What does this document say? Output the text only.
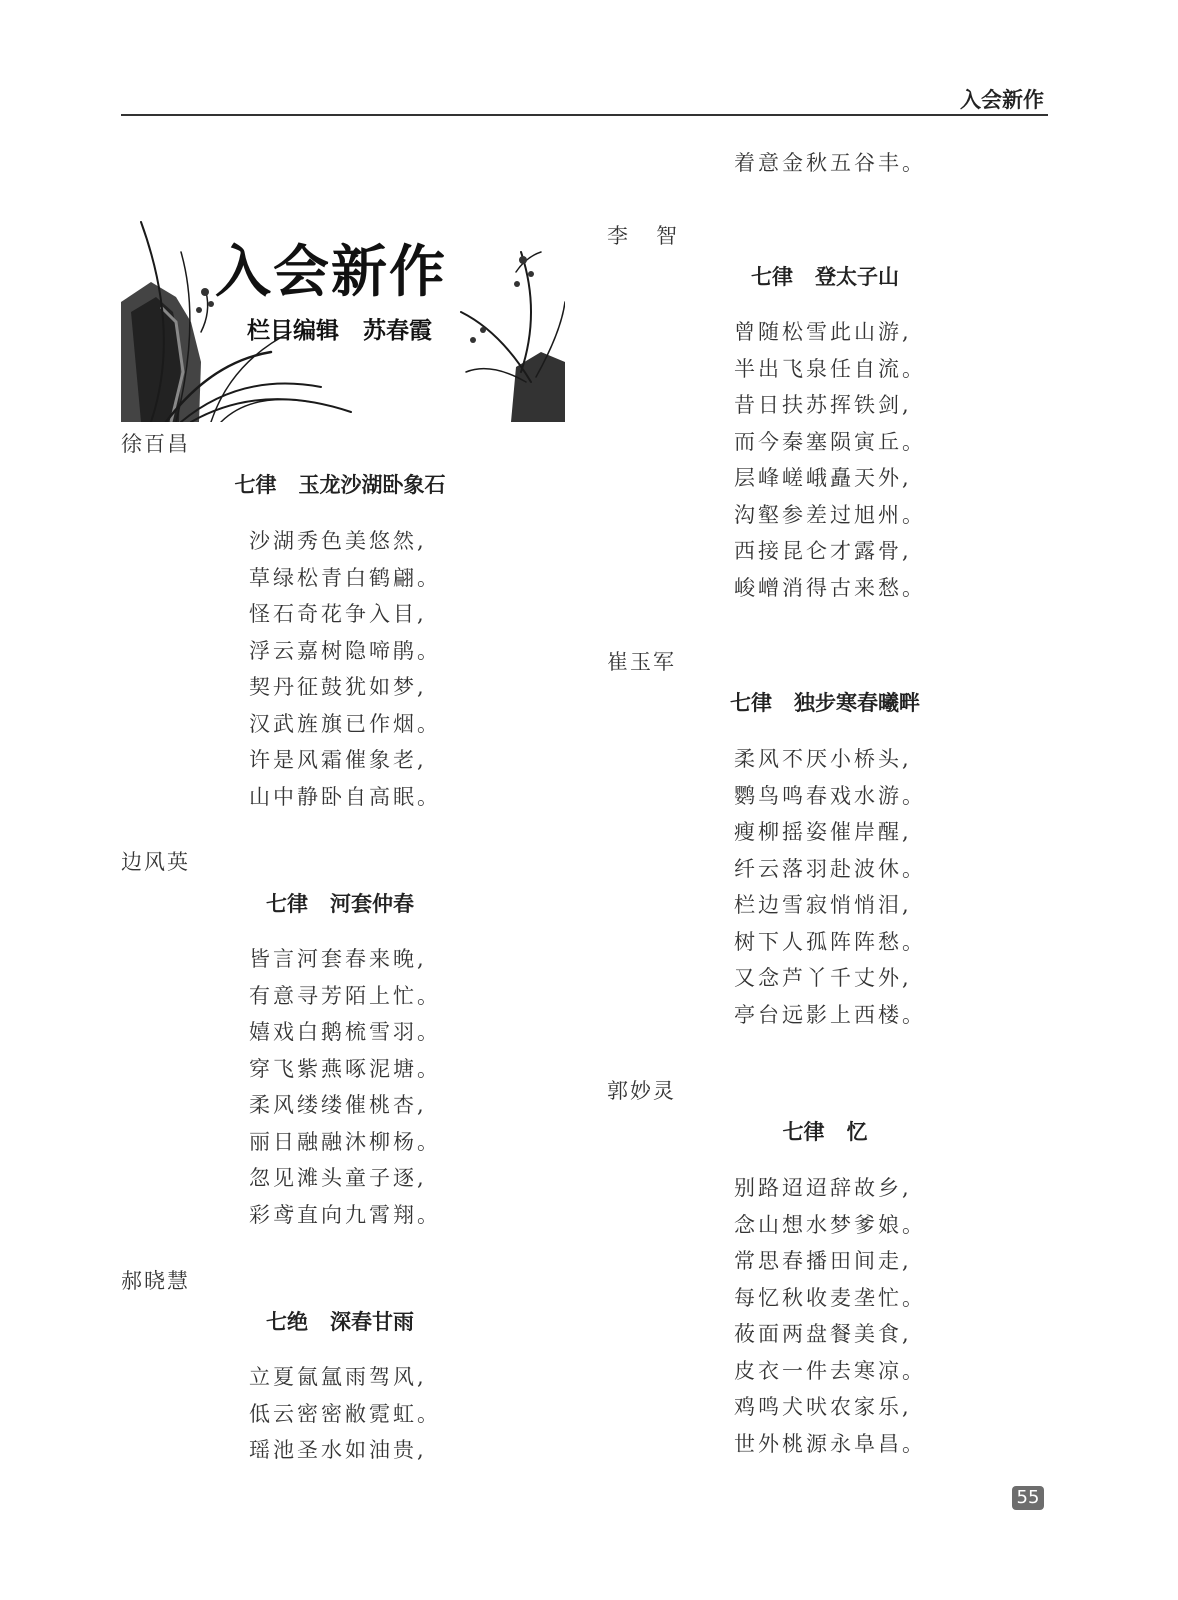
入会新作
入会新作
栏目编辑   苏春霞
徐百昌
七律   玉龙沙湖卧象石
沙湖秀色美悠然,
草绿松青白鹤翩。
怪石奇花争入目,
浮云嘉树隐啼鹃。
契丹征鼓犹如梦,
汉武旌旗已作烟。
许是风霜催象老,
山中静卧自高眠。
边风英
七律   河套仲春
皆言河套春来晚,
有意寻芳陌上忙。
嬉戏白鹅梳雪羽。
穿飞紫燕啄泥塘。
柔风缕缕催桃杏,
丽日融融沐柳杨。
忽见滩头童子逐,
彩鸢直向九霄翔。
郝晓慧
七绝   深春甘雨
立夏氤氲雨驾风,
低云密密敝霓虹。
瑶池圣水如油贵,
着意金秋五谷丰。
李   智
七律   登太子山
曾随松雪此山游,
半出飞泉任自流。
昔日扶苏挥铁剑,
而今秦塞陨寅丘。
层峰嵯峨矗天外,
沟壑参差过旭州。
西接昆仑才露骨,
峻嶒消得古来愁。
崔玉军
七律   独步寒春曦畔
柔风不厌小桥头,
鹦鸟鸣春戏水游。
瘦柳摇姿催岸醒,
纤云落羽赴波休。
栏边雪寂悄悄泪,
树下人孤阵阵愁。
又念芦丫千丈外,
亭台远影上西楼。
郭妙灵
七律   忆
别路迢迢辞故乡,
念山想水梦爹娘。
常思春播田间走,
每忆秋收麦垄忙。
莜面两盘餐美食,
皮衣一件去寒凉。
鸡鸣犬吠农家乐,
世外桃源永阜昌。
55
